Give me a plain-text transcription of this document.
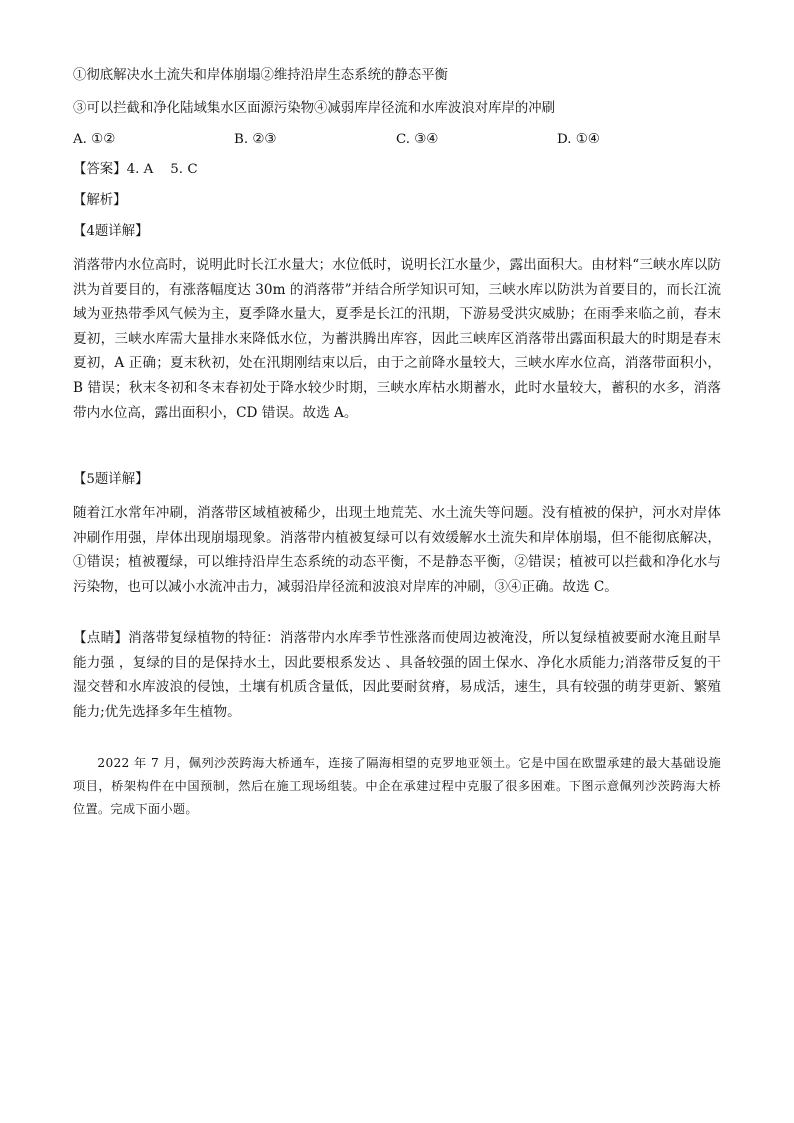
①彻底解决水土流失和岸体崩塌②维持沿岸生态系统的静态平衡
③可以拦截和净化陆域集水区面源污染物④减弱库岸径流和水库波浪对库岸的冲刷
A. ①②	B. ②③	C. ③④	D. ①④
【答案】4. A    5. C
【解析】
【4题详解】
消落带内水位高时，说明此时长江水量大；水位低时，说明长江水量少，露出面积大。由材料“三峡水库以防洪为首要目的，有涨落幅度达 30m 的消落带”并结合所学知识可知，三峡水库以防洪为首要目的，而长江流域为亚热带季风气候为主，夏季降水量大，夏季是长江的汛期，下游易受洪灾威胁；在雨季来临之前，春末夏初，三峡水库需大量排水来降低水位，为蓄洪腾出库容，因此三峡库区消落带出露面积最大的时期是春末夏初，A 正确；夏末秋初，处在汛期刚结束以后，由于之前降水量较大，三峡水库水位高，消落带面积小，B 错误；秋末冬初和冬末春初处于降水较少时期，三峡水库枯水期蓄水，此时水量较大，蓄积的水多，消落带内水位高，露出面积小，CD 错误。故选 A。
【5题详解】
随着江水常年冲刷，消落带区域植被稀少，出现土地荒芜、水土流失等问题。没有植被的保护，河水对岸体冲刷作用强，岸体出现崩塌现象。消落带内植被复绿可以有效缓解水土流失和岸体崩塌，但不能彻底解决，①错误；植被覆绿，可以维持沿岸生态系统的动态平衡，不是静态平衡，②错误；植被可以拦截和净化水与污染物，也可以减小水流冲击力，减弱沿岸径流和波浪对岸库的冲刷，③④正确。故选 C。
【点睛】消落带复绿植物的特征：消落带内水库季节性涨落而使周边被淹没，所以复绿植被要耐水淹且耐旱能力强 ，复绿的目的是保持水土，因此要根系发达 、具备较强的固土保水、净化水质能力;消落带反复的干湿交替和水库波浪的侵蚀，土壤有机质含量低，因此要耐贫瘠，易成活，速生，具有较强的萌芽更新、繁殖能力;优先选择多年生植物。
2022 年 7 月，佩列沙茨跨海大桥通车，连接了隔海相望的克罗地亚领土。它是中国在欧盟承建的最大基础设施项目，桥架构件在中国预制，然后在施工现场组装。中企在承建过程中克服了很多困难。下图示意佩列沙茨跨海大桥位置。完成下面小题。
